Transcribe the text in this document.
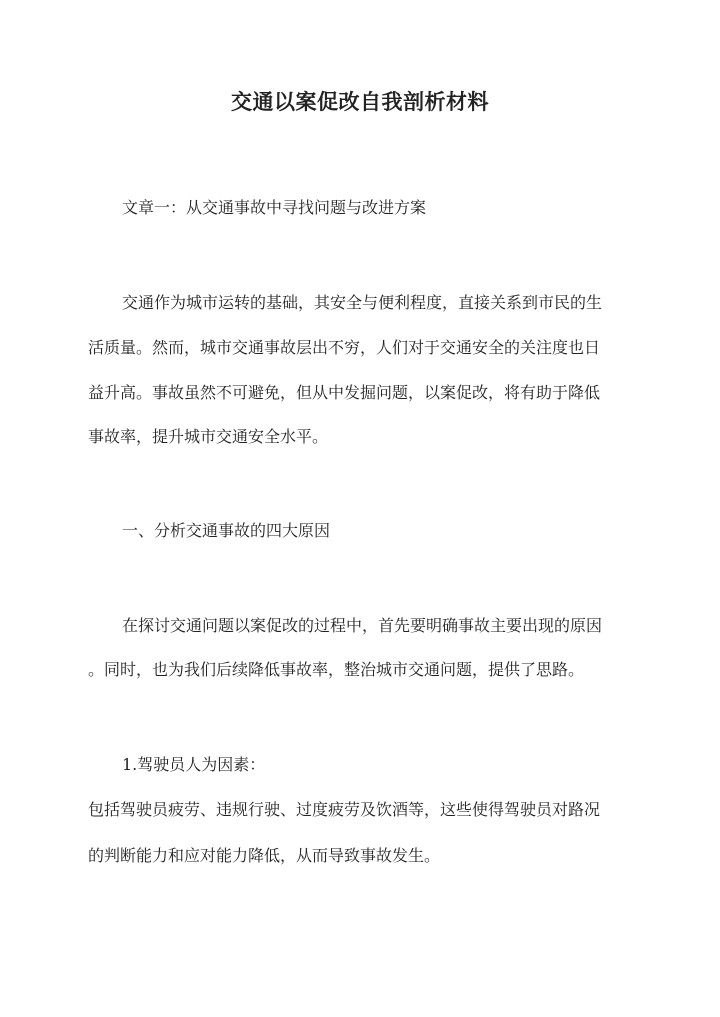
交通以案促改自我剖析材料
文章一：从交通事故中寻找问题与改进方案
交通作为城市运转的基础，其安全与便利程度，直接关系到市民的生
活质量。然而，城市交通事故层出不穷，人们对于交通安全的关注度也日
益升高。事故虽然不可避免，但从中发掘问题，以案促改，将有助于降低
事故率，提升城市交通安全水平。
一、分析交通事故的四大原因
在探讨交通问题以案促改的过程中，首先要明确事故主要出现的原因
。同时，也为我们后续降低事故率，整治城市交通问题，提供了思路。
1.驾驶员人为因素：
包括驾驶员疲劳、违规行驶、过度疲劳及饮酒等，这些使得驾驶员对路况
的判断能力和应对能力降低，从而导致事故发生。
